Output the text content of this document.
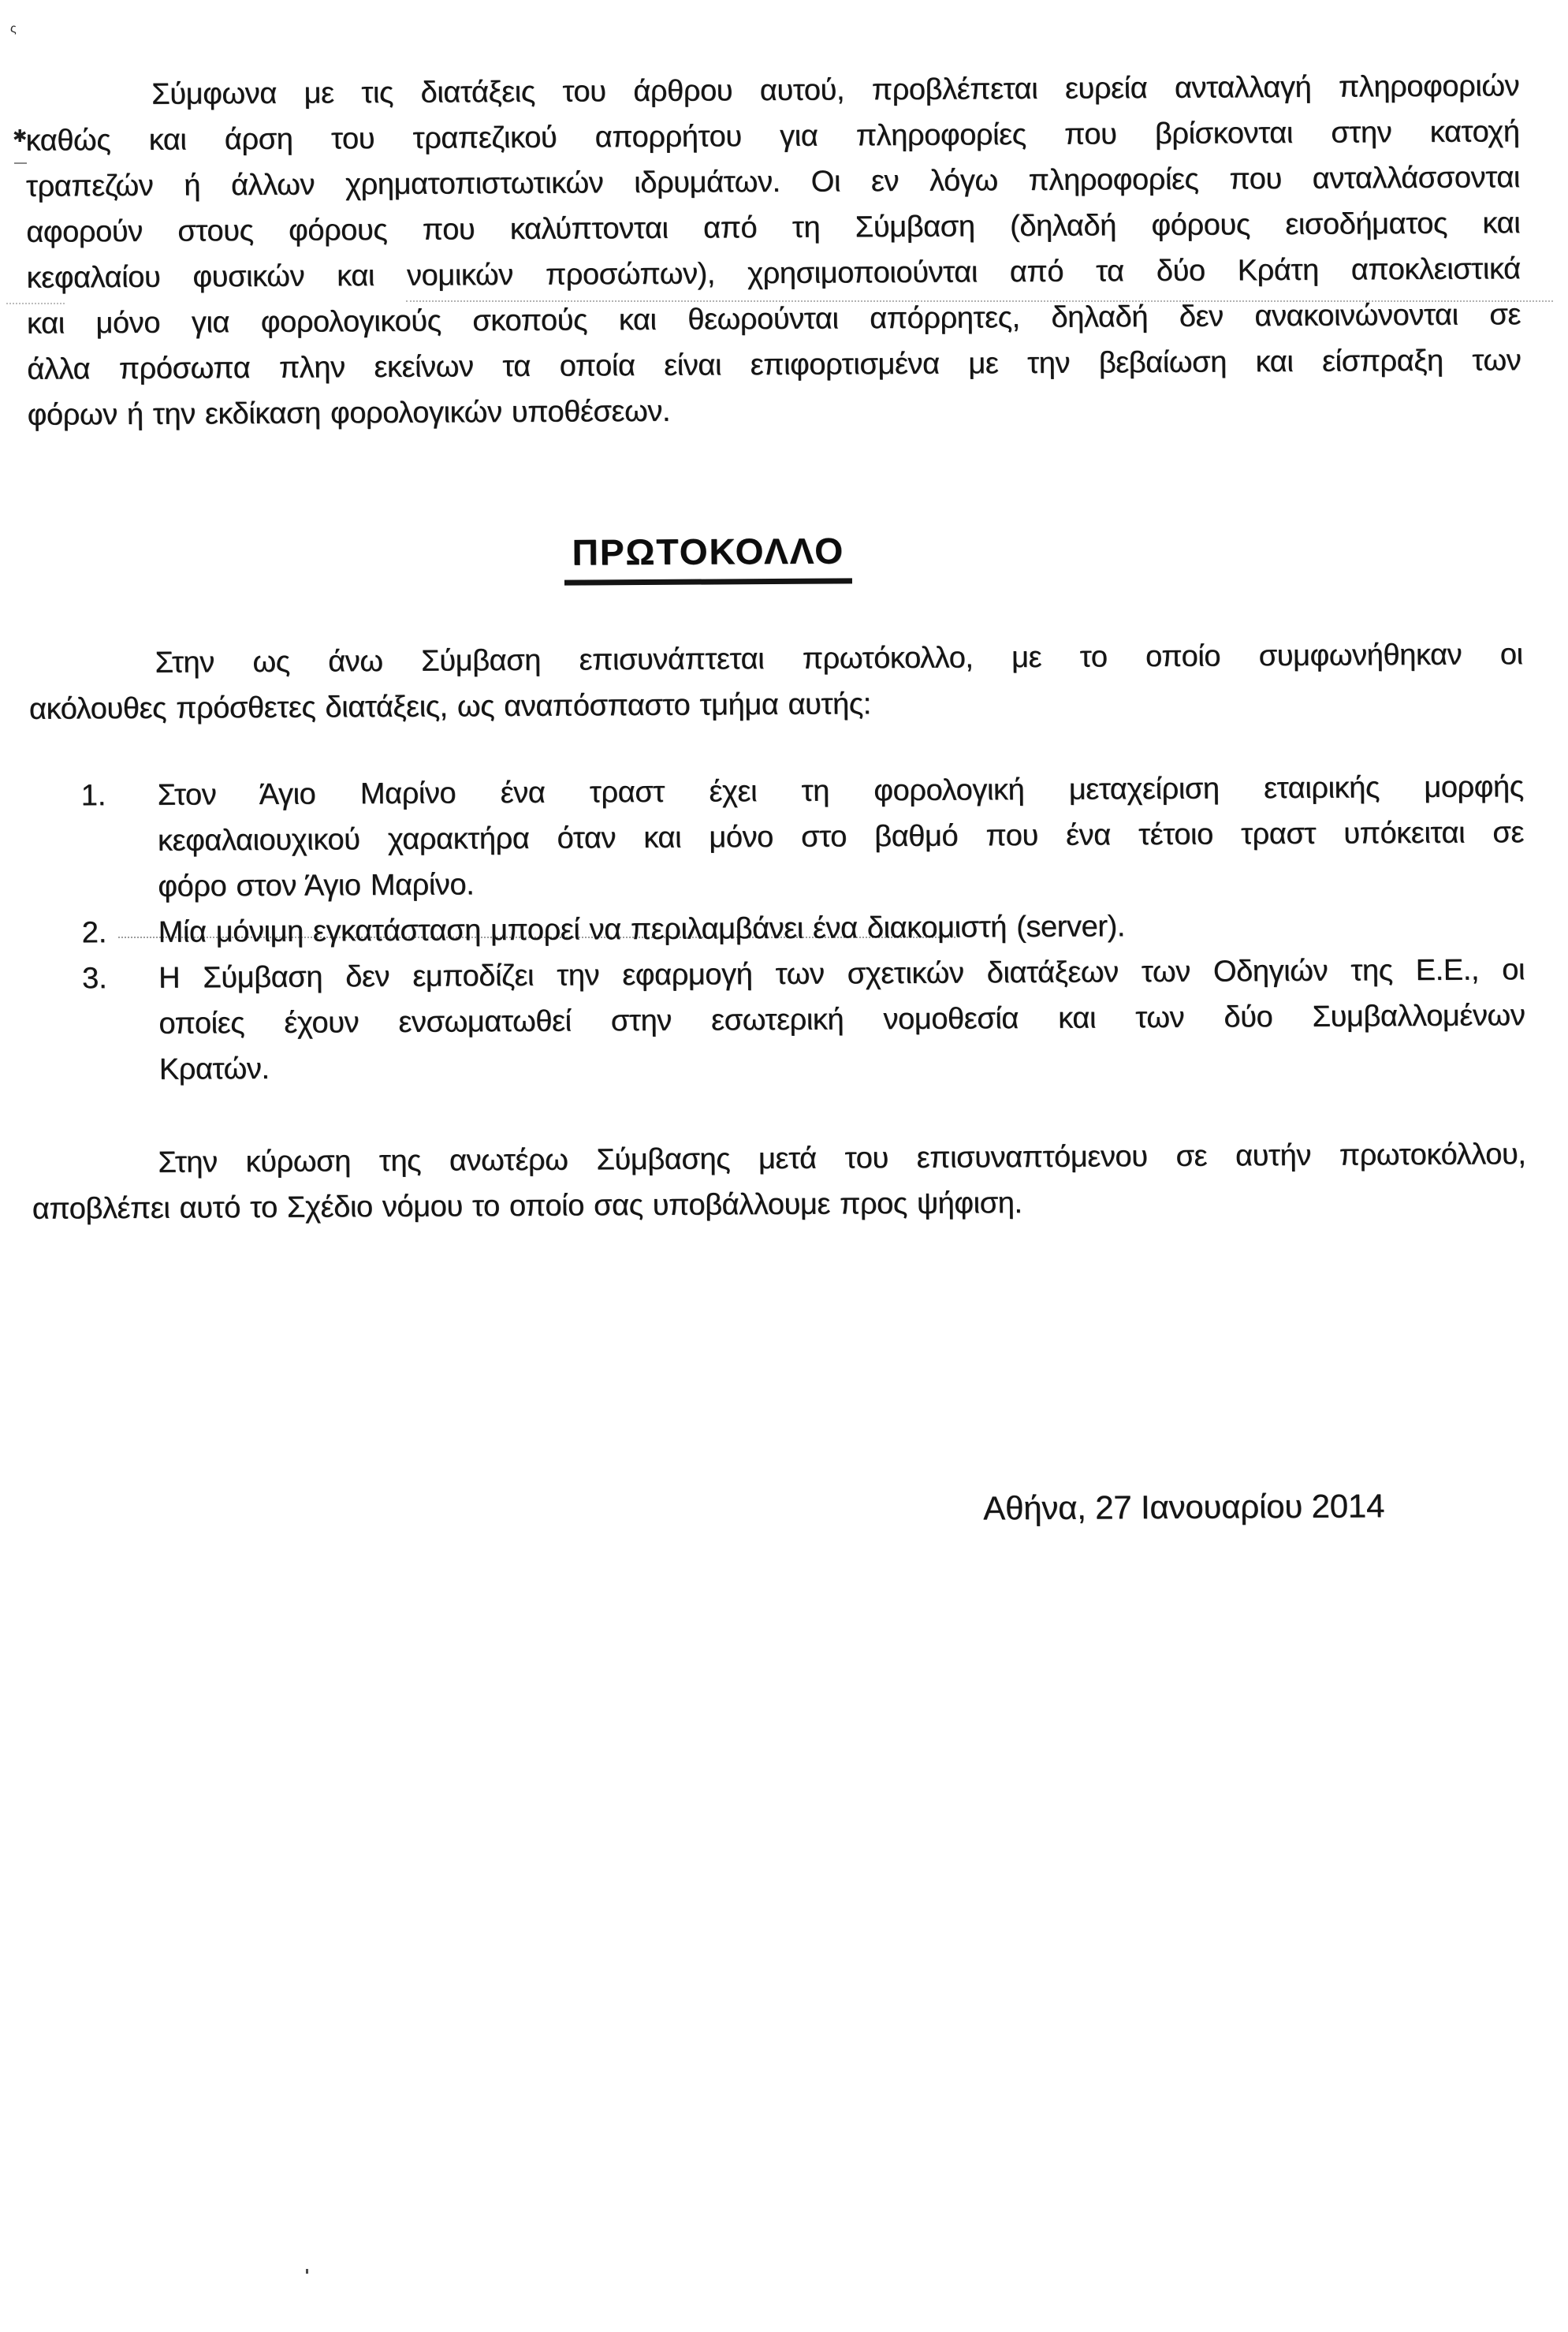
ς
✱
Σύμφωνα με τις διατάξεις του άρθρου αυτού, προβλέπεται ευρεία ανταλλαγή πληροφοριών
καθώς και άρση του τραπεζικού απορρήτου για πληροφορίες που βρίσκονται στην κατοχή
τραπεζών ή άλλων χρηματοπιστωτικών ιδρυμάτων. Οι εν λόγω πληροφορίες που ανταλλάσσονται
αφορούν στους φόρους που καλύπτονται από τη Σύμβαση (δηλαδή φόρους εισοδήματος και
κεφαλαίου φυσικών και νομικών προσώπων), χρησιμοποιούνται από τα δύο Κράτη αποκλειστικά
και μόνο για φορολογικούς σκοπούς και θεωρούνται απόρρητες, δηλαδή δεν ανακοινώνονται σε
άλλα πρόσωπα πλην εκείνων τα οποία είναι επιφορτισμένα με την βεβαίωση και είσπραξη των
φόρων ή την εκδίκαση φορολογικών υποθέσεων.
ΠΡΩΤΟΚΟΛΛΟ
Στην ως άνω Σύμβαση επισυνάπτεται πρωτόκολλο, με το οποίο συμφωνήθηκαν οι
ακόλουθες πρόσθετες διατάξεις, ως αναπόσπαστο τμήμα αυτής:
1. Στον Άγιο Μαρίνο ένα τραστ έχει τη φορολογική μεταχείριση εταιρικής μορφής
κεφαλαιουχικού χαρακτήρα όταν και μόνο στο βαθμό που ένα τέτοιο τραστ υπόκειται σε
φόρο στον Άγιο Μαρίνο.
2. Μία μόνιμη εγκατάσταση μπορεί να περιλαμβάνει ένα διακομιστή (server).
3. Η Σύμβαση δεν εμποδίζει την εφαρμογή των σχετικών διατάξεων των Οδηγιών της Ε.Ε., οι
οποίες έχουν ενσωματωθεί στην εσωτερική νομοθεσία και των δύο Συμβαλλομένων
Κρατών.
Στην κύρωση της ανωτέρω Σύμβασης μετά του επισυναπτόμενου σε αυτήν πρωτοκόλλου,
αποβλέπει αυτό το Σχέδιο νόμου το οποίο σας υποβάλλουμε προς ψήφιση.
Αθήνα, 27 Ιανουαρίου 2014
